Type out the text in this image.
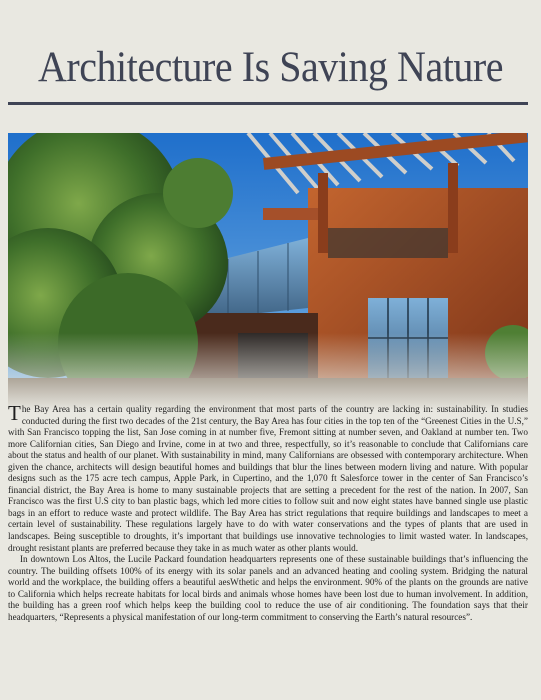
Architecture Is Saving Nature

The Bay Area has a certain quality regarding the environment that most parts of the country are lacking in: sustainability. In studies conducted during the first two decades of the 21st century, the Bay Area has four cities in the top ten of the “Greenest Cities in the U.S,” with San Francisco topping the list, San Jose coming in at number five, Fremont sitting at number seven, and Oakland at number ten. Two more Californian cities, San Diego and Irvine, come in at two and three, respectfully, so it’s reasonable to conclude that Californians care about the status and health of our planet. With sustainability in mind, many Californians are obsessed with contemporary architecture. When given the chance, architects will design beautiful homes and buildings that blur the lines between modern living and nature. With popular designs such as the 175 acre tech campus, Apple Park, in Cupertino, and the 1,070 ft Salesforce tower in the center of San Francisco’s financial district, the Bay Area is home to many sustainable projects that are setting a precedent for the rest of the nation. In 2007, San Francisco was the first U.S city to ban plastic bags, which led more cities to follow suit and now eight states have banned single use plastic bags in an effort to reduce waste and protect wildlife. The Bay Area has strict regulations that require buildings and landscapes to meet a certain level of sustainability. These regulations largely have to do with water conservations and the types of plants that are used in landscapes. Being susceptible to droughts, it’s important that buildings use innovative technologies to limit wasted water. In landscapes, drought resistant plants are preferred because they take in as much water as other plants would.

In downtown Los Altos, the Lucile Packard foundation headquarters represents one of these sustainable buildings that’s influencing the country. The building offsets 100% of its energy with its solar panels and an advanced heating and cooling system. Bridging the natural world and the workplace, the building offers a beautiful aesWthetic and helps the environment. 90% of the plants on the grounds are native to California which helps recreate habitats for local birds and animals whose homes have been lost due to human involvement. In addition, the building has a green roof which helps keep the building cool to reduce the use of air conditioning. The foundation says that their headquarters, “Represents a physical manifestation of our long-term commitment to conserving the Earth’s natural resources”.
